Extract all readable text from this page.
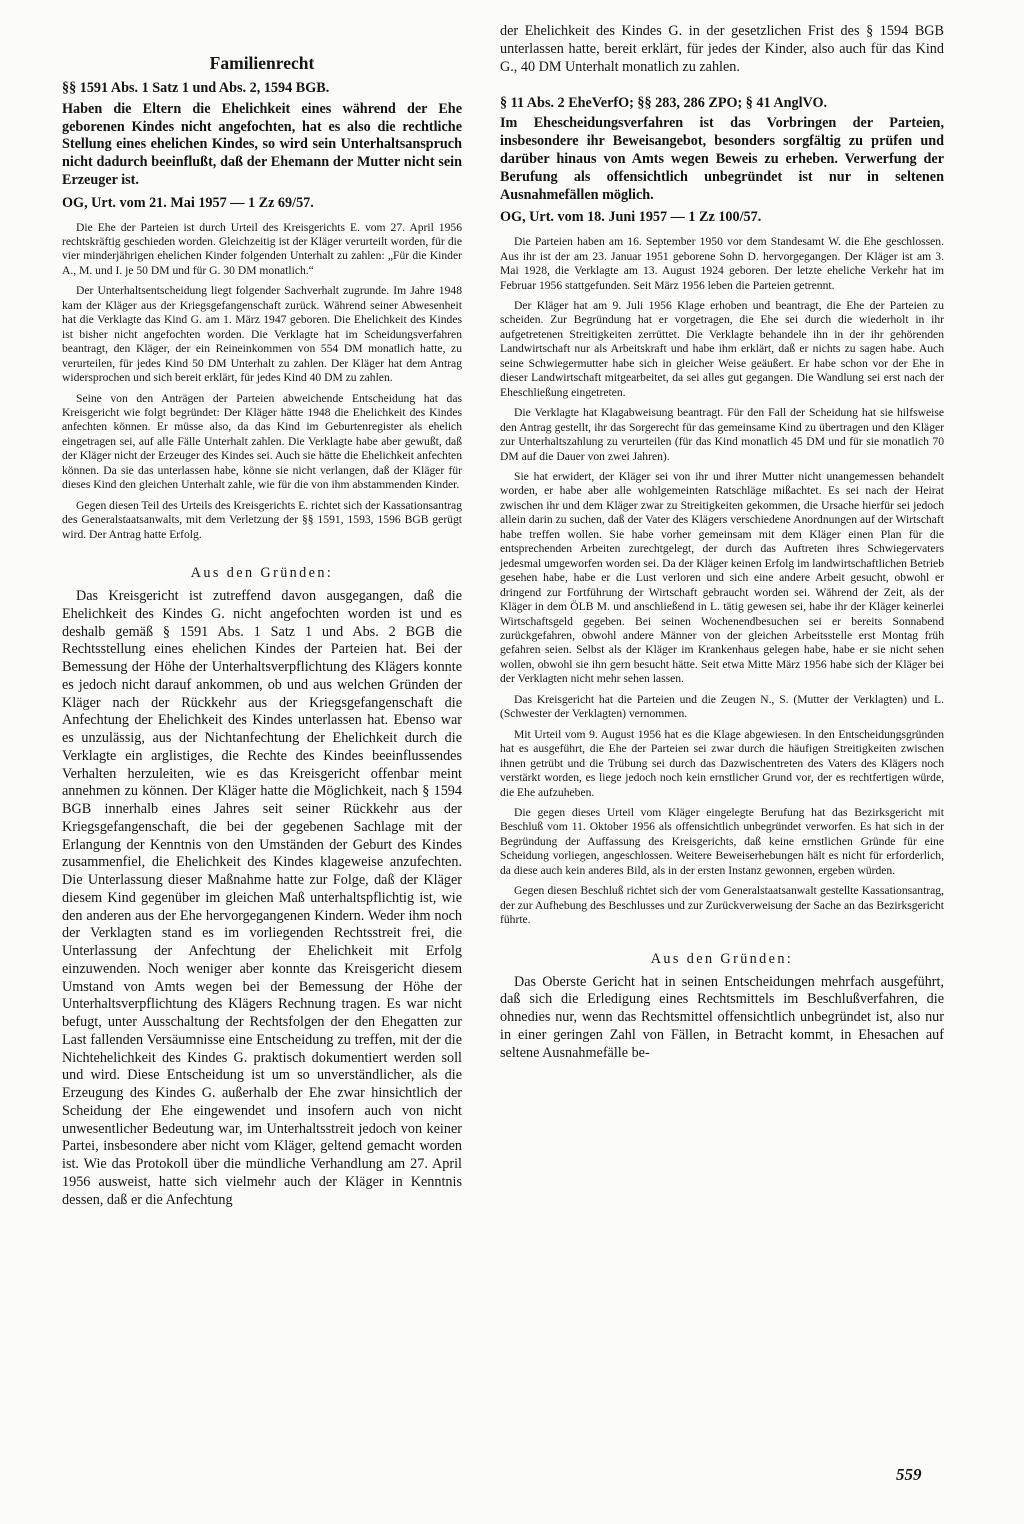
Familienrecht

§§ 1591 Abs. 1 Satz 1 und Abs. 2, 1594 BGB.

Haben die Eltern die Ehelichkeit eines während der Ehe geborenen Kindes nicht angefochten, hat es also die rechtliche Stellung eines ehelichen Kindes, so wird sein Unterhaltsanspruch nicht dadurch beeinflußt, daß der Ehemann der Mutter nicht sein Erzeuger ist.

OG, Urt. vom 21. Mai 1957 — 1 Zz 69/57.

Die Ehe der Parteien ist durch Urteil des Kreisgerichts E. vom 27. April 1956 rechtskräftig geschieden worden. Gleichzeitig ist der Kläger verurteilt worden, für die vier minderjährigen ehelichen Kinder folgenden Unterhalt zu zahlen: „Für die Kinder A., M. und I. je 50 DM und für G. 30 DM monatlich.“

Der Unterhaltsentscheidung liegt folgender Sachverhalt zugrunde. Im Jahre 1948 kam der Kläger aus der Kriegsgefangenschaft zurück. Während seiner Abwesenheit hat die Verklagte das Kind G. am 1. März 1947 geboren. Die Ehelichkeit des Kindes ist bisher nicht angefochten worden. Die Verklagte hat im Scheidungsverfahren beantragt, den Kläger, der ein Reineinkommen von 554 DM monatlich hatte, zu verurteilen, für jedes Kind 50 DM Unterhalt zu zahlen. Der Kläger hat dem Antrag widersprochen und sich bereit erklärt, für jedes Kind 40 DM zu zahlen.

Seine von den Anträgen der Parteien abweichende Entscheidung hat das Kreisgericht wie folgt begründet: Der Kläger hätte 1948 die Ehelichkeit des Kindes anfechten können. Er müsse also, da das Kind im Geburtenregister als ehelich eingetragen sei, auf alle Fälle Unterhalt zahlen. Die Verklagte habe aber gewußt, daß der Kläger nicht der Erzeuger des Kindes sei. Auch sie hätte die Ehelichkeit anfechten können. Da sie das unterlassen habe, könne sie nicht verlangen, daß der Kläger für dieses Kind den gleichen Unterhalt zahle, wie für die von ihm abstammenden Kinder.

Gegen diesen Teil des Urteils des Kreisgerichts E. richtet sich der Kassationsantrag des Generalstaatsanwalts, mit dem Verletzung der §§ 1591, 1593, 1596 BGB gerügt wird. Der Antrag hatte Erfolg.

Aus den Gründen:

Das Kreisgericht ist zutreffend davon ausgegangen, daß die Ehelichkeit des Kindes G. nicht angefochten worden ist und es deshalb gemäß § 1591 Abs. 1 Satz 1 und Abs. 2 BGB die Rechtsstellung eines ehelichen Kindes der Parteien hat. Bei der Bemessung der Höhe der Unterhaltsverpflichtung des Klägers konnte es jedoch nicht darauf ankommen, ob und aus welchen Gründen der Kläger nach der Rückkehr aus der Kriegsgefangenschaft die Anfechtung der Ehelichkeit des Kindes unterlassen hat. Ebenso war es unzulässig, aus der Nichtanfechtung der Ehelichkeit durch die Verklagte ein arglistiges, die Rechte des Kindes beeinflussendes Verhalten herzuleiten, wie es das Kreisgericht offenbar meint annehmen zu können. Der Kläger hatte die Möglichkeit, nach § 1594 BGB innerhalb eines Jahres seit seiner Rückkehr aus der Kriegsgefangenschaft, die bei der gegebenen Sachlage mit der Erlangung der Kenntnis von den Umständen der Geburt des Kindes zusammenfiel, die Ehelichkeit des Kindes klageweise anzufechten. Die Unterlassung dieser Maßnahme hatte zur Folge, daß der Kläger diesem Kind gegenüber im gleichen Maß unterhaltspflichtig ist, wie den anderen aus der Ehe hervorgegangenen Kindern. Weder ihm noch der Verklagten stand es im vorliegenden Rechtsstreit frei, die Unterlassung der Anfechtung der Ehelichkeit mit Erfolg einzuwenden. Noch weniger aber konnte das Kreisgericht diesem Umstand von Amts wegen bei der Bemessung der Höhe der Unterhaltsverpflichtung des Klägers Rechnung tragen. Es war nicht befugt, unter Ausschaltung der Rechtsfolgen der den Ehegatten zur Last fallenden Versäumnisse eine Entscheidung zu treffen, mit der die Nichtehelichkeit des Kindes G. praktisch dokumentiert werden soll und wird. Diese Entscheidung ist um so unverständlicher, als die Erzeugung des Kindes G. außerhalb der Ehe zwar hinsichtlich der Scheidung der Ehe eingewendet und insofern auch von nicht unwesentlicher Bedeutung war, im Unterhaltsstreit jedoch von keiner Partei, insbesondere aber nicht vom Kläger, geltend gemacht worden ist. Wie das Protokoll über die mündliche Verhandlung am 27. April 1956 ausweist, hatte sich vielmehr auch der Kläger in Kenntnis dessen, daß er die Anfechtung

der Ehelichkeit des Kindes G. in der gesetzlichen Frist des § 1594 BGB unterlassen hatte, bereit erklärt, für jedes der Kinder, also auch für das Kind G., 40 DM Unterhalt monatlich zu zahlen.

§ 11 Abs. 2 EheVerfO; §§ 283, 286 ZPO; § 41 AnglVO.

Im Ehescheidungsverfahren ist das Vorbringen der Parteien, insbesondere ihr Beweisangebot, besonders sorgfältig zu prüfen und darüber hinaus von Amts wegen Beweis zu erheben. Verwerfung der Berufung als offensichtlich unbegründet ist nur in seltenen Ausnahmefällen möglich.

OG, Urt. vom 18. Juni 1957 — 1 Zz 100/57.

Die Parteien haben am 16. September 1950 vor dem Standesamt W. die Ehe geschlossen. Aus ihr ist der am 23. Januar 1951 geborene Sohn D. hervorgegangen. Der Kläger ist am 3. Mai 1928, die Verklagte am 13. August 1924 geboren. Der letzte eheliche Verkehr hat im Februar 1956 stattgefunden. Seit März 1956 leben die Parteien getrennt.

Der Kläger hat am 9. Juli 1956 Klage erhoben und beantragt, die Ehe der Parteien zu scheiden. Zur Begründung hat er vorgetragen, die Ehe sei durch die wiederholt in ihr aufgetretenen Streitigkeiten zerrüttet. Die Verklagte behandele ihn in der ihr gehörenden Landwirtschaft nur als Arbeitskraft und habe ihm erklärt, daß er nichts zu sagen habe. Auch seine Schwiegermutter habe sich in gleicher Weise geäußert. Er habe schon vor der Ehe in dieser Landwirtschaft mitgearbeitet, da sei alles gut gegangen. Die Wandlung sei erst nach der Eheschließung eingetreten.

Die Verklagte hat Klagabweisung beantragt. Für den Fall der Scheidung hat sie hilfsweise den Antrag gestellt, ihr das Sorgerecht für das gemeinsame Kind zu übertragen und den Kläger zur Unterhaltszahlung zu verurteilen (für das Kind monatlich 45 DM und für sie monatlich 70 DM auf die Dauer von zwei Jahren).

Sie hat erwidert, der Kläger sei von ihr und ihrer Mutter nicht unangemessen behandelt worden, er habe aber alle wohlgemeinten Ratschläge mißachtet. Es sei nach der Heirat zwischen ihr und dem Kläger zwar zu Streitigkeiten gekommen, die Ursache hierfür sei jedoch allein darin zu suchen, daß der Vater des Klägers verschiedene Anordnungen auf der Wirtschaft habe treffen wollen. Sie habe vorher gemeinsam mit dem Kläger einen Plan für die entsprechenden Arbeiten zurechtgelegt, der durch das Auftreten ihres Schwiegervaters jedesmal umgeworfen worden sei. Da der Kläger keinen Erfolg im landwirtschaftlichen Betrieb gesehen habe, habe er die Lust verloren und sich eine andere Arbeit gesucht, obwohl er dringend zur Fortführung der Wirtschaft gebraucht worden sei. Während der Zeit, als der Kläger in dem ÖLB M. und anschließend in L. tätig gewesen sei, habe ihr der Kläger keinerlei Wirtschaftsgeld gegeben. Bei seinen Wochenendbesuchen sei er bereits Sonnabend zurückgefahren, obwohl andere Männer von der gleichen Arbeitsstelle erst Montag früh gefahren seien. Selbst als der Kläger im Krankenhaus gelegen habe, habe er sie nicht sehen wollen, obwohl sie ihn gern besucht hätte. Seit etwa Mitte März 1956 habe sich der Kläger bei der Verklagten nicht mehr sehen lassen.

Das Kreisgericht hat die Parteien und die Zeugen N., S. (Mutter der Verklagten) und L. (Schwester der Verklagten) vernommen.

Mit Urteil vom 9. August 1956 hat es die Klage abgewiesen. In den Entscheidungsgründen hat es ausgeführt, die Ehe der Parteien sei zwar durch die häufigen Streitigkeiten zwischen ihnen getrübt und die Trübung sei durch das Dazwischentreten des Vaters des Klägers noch verstärkt worden, es liege jedoch noch kein ernstlicher Grund vor, der es rechtfertigen würde, die Ehe aufzuheben.

Die gegen dieses Urteil vom Kläger eingelegte Berufung hat das Bezirksgericht mit Beschluß vom 11. Oktober 1956 als offensichtlich unbegründet verworfen. Es hat sich in der Begründung der Auffassung des Kreisgerichts, daß keine ernstlichen Gründe für eine Scheidung vorliegen, angeschlossen. Weitere Beweiserhebungen hält es nicht für erforderlich, da diese auch kein anderes Bild, als in der ersten Instanz gewonnen, ergeben würden.

Gegen diesen Beschluß richtet sich der vom Generalstaatsanwalt gestellte Kassationsantrag, der zur Aufhebung des Beschlusses und zur Zurückverweisung der Sache an das Bezirksgericht führte.

Aus den Gründen:

Das Oberste Gericht hat in seinen Entscheidungen mehrfach ausgeführt, daß sich die Erledigung eines Rechtsmittels im Beschlußverfahren, die ohnedies nur, wenn das Rechtsmittel offensichtlich unbegründet ist, also nur in einer geringen Zahl von Fällen, in Betracht kommt, in Ehesachen auf seltene Ausnahmefälle be-

559
